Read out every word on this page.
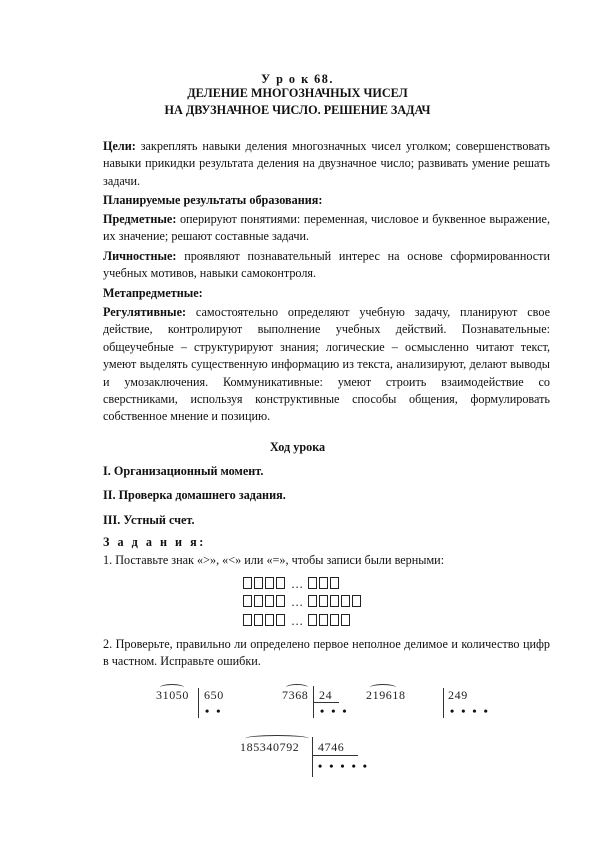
У р о к 68.
ДЕЛЕНИЕ МНОГОЗНАЧНЫХ ЧИСЕЛ
НА ДВУЗНАЧНОЕ ЧИСЛО. РЕШЕНИЕ ЗАДАЧ
Цели: закреплять навыки деления многозначных чисел уголком; совершенствовать навыки прикидки результата деления на двузначное число; развивать умение решать задачи.
Планируемые результаты образования:
Предметные: оперируют понятиями: переменная, числовое и буквенное выражение, их значение; решают составные задачи.
Личностные: проявляют познавательный интерес на основе сформированности учебных мотивов, навыки самоконтроля.
Метапредметные:
Регулятивные: самостоятельно определяют учебную задачу, планируют свое действие, контролируют выполнение учебных действий. Познавательные: общеучебные – структурируют знания; логические – осмысленно читают текст, умеют выделять существенную информацию из текста, анализируют, делают выводы и умозаключения. Коммуникативные: умеют строить взаимодействие со сверстниками, используя конструктивные способы общения, формулировать собственное мнение и позицию.
Ход урока
I. Организационный момент.
II. Проверка домашнего задания.
III. Устный счет.
З а д а н и я:
1. Поставьте знак «>», «<» или «=», чтобы записи были верными:
…
…
…
2. Проверьте, правильно ли определено первое неполное делимое и количество цифр в частном. Исправьте ошибки.
31050 650
• •
7368 24
• • •
219618	249
• • • •
185340792 4746
• • • • •
